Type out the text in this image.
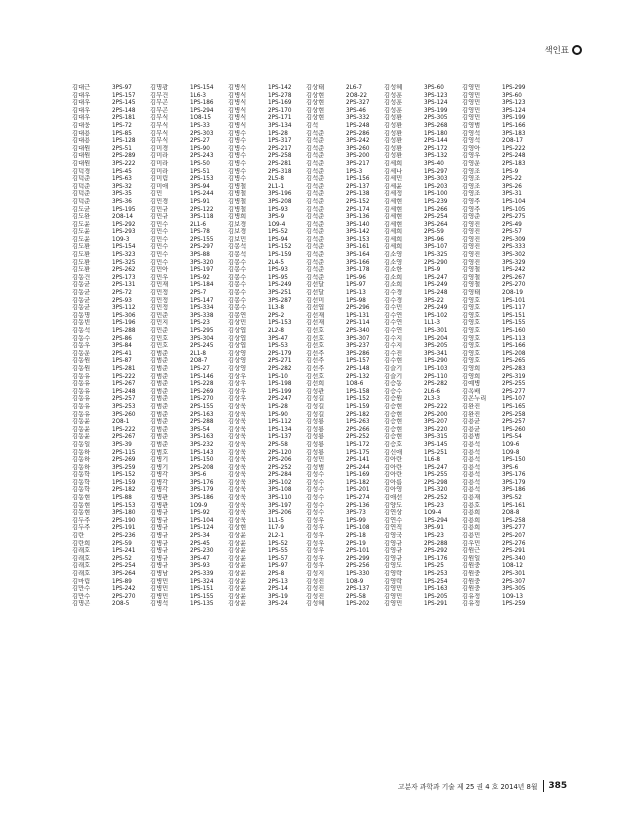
색인표
김대근	3PS-97	김명광	1PS-154	김병식	1PS-142	김상태	2L6-7	김성혜	3PS-60	김영민	1PS-299
김대우	1PS-157	김무건	1L6-3	김병식	1PS-278	김상현	2O8-22	김성훈	3PS-123	김영민	3PS-60
김대우	2PS-145	김무곤	1PS-186	김병식	1PS-169	김상현	2PS-327	김성훈	3PS-124	김영민	3PS-123
김대우	2PS-148	김무곤	1PS-294	김병식	2PS-170	김상현	3PS-46	김성훈	3PS-199	김영민	3PS-124
김대우	2PS-181	김무식	1O8-15	김병식	2PS-171	김상현	3PS-332	김성환	2PS-305	김영민	3PS-199
김대웅	1PS-72	김무식	1PS-33	김병식	3PS-134	김석	1PS-248	김성환	3PS-268	김영범	1PS-166
김대용	1PS-85	김무식	2PS-303	김병수	1PS-28	김석준	2PS-286	김성환	1PS-180	김영석	3PS-183
김대용	1PS-128	김무식	2PS-27	김병수	1PS-317	김석준	3PS-242	김성환	2PS-144	김영석	2O8-17
김대원	2PS-51	김미경	1PS-90	김병수	2PS-217	김석준	3PS-260	김성환	2PS-172	김영아	1PS-222
김대원	2PS-289	김미라	2PS-243	김병수	2PS-258	김석준	3PS-200	김성환	3PS-132	김영우	2PS-248
김대원	3PS-222	김미라	1PS-50	김병수	2PS-281	김석준	3PS-217	김세희	3PS-40	김영운	2PS-183
김덕경	1PS-45	김미라	1PS-51	김병수	2PS-318	김석준	1PS-3	김세나	1PS-297	김영조	1PS-9
김덕준	1PS-63	김미림	2PS-153	김병수	2L5-8	김석준	1PS-156	김세민	3PS-303	김영조	2PS-22
김덕준	3PS-32	김미애	3PS-94	김병철	2L1-1	김석준	2PS-137	김세윤	1PS-203	김영조	3PS-26
김덕준	3PS-35	김민	1PS-244	김병철	3PS-196	김석준	2PS-138	김세정	1PS-100	김영조	3PS-31
김덕준	3PS-36	김민경	1PS-91	김병철	3PS-208	김석준	2PS-152	김세현	1PS-239	김영주	1PS-104
김도균	1PS-195	김민규	2PS-122	김병철	1PS-93	김석준	2PS-174	김세현	1PS-266	김영주	1PS-105
김도완	2O8-14	김민규	3PS-118	김병희	3PS-9	김석준	3PS-136	김세현	2PS-254	김영준	2PS-275
김도윤	1PS-292	김민수	2L1-6	김보경	1O9-4	김석준	3PS-140	김세현	3PS-264	김영진	2PS-49
김도윤	1PS-293	김민수	1PS-78	김보경	1PS-52	김석준	3PS-142	김세희	2PS-59	김영진	2PS-57
김도윤	1O9-3	김민수	2PS-155	김보민	1PS-94	김석준	3PS-153	김세희	3PS-96	김영진	2PS-309
김도환	1PS-154	김민수	2PS-297	김봉석	1PS-152	김석준	3PS-161	김세희	3PS-107	김영진	2PS-333
김도환	1PS-323	김민수	3PS-88	김봉석	1PS-159	김석준	3PS-164	김소영	1PS-325	김영진	3PS-302
김도환	1PS-325	김민수	3PS-320	김봉수	2L4-5	김석준	3PS-166	김소영	2PS-290	김영진	3PS-329
김도환	2PS-262	김민아	1PS-197	김봉수	1PS-93	김석준	3PS-178	김소한	1PS-9	김영철	1PS-242
김동건	2PS-173	김민우	1PS-92	김봉수	1PS-95	김석준	1PS-96	김소희	1PS-247	김영철	2PS-267
김동균	2PS-131	김민재	1PS-184	김봉수	1PS-249	김선달	1PS-97	김소희	1PS-249	김영철	2PS-270
김동균	2PS-72	김민정	2PS-7	김봉수	3PS-251	김선달	1PS-13	김수경	1PS-248	김영태	2O8-19
김동균	2PS-93	김민정	1PS-147	김봉수	3PS-287	김선미	1PS-98	김수경	3PS-22	김영호	1PS-101
김동균	3PS-112	김민정	1PS-334	김봉수	1L3-8	김선엽	2PS-296	김수민	2PS-249	김영호	1PS-117
김동명	1PS-306	김민준	3PS-338	김봉연	2PS-2	김선재	1PS-131	김수연	1PS-102	김영호	1PS-151
김동빈	1PS-196	김민지	1PS-23	김상민	1PS-153	김선재	2PS-114	김수연	1L1-3	김영호	1PS-155
김동석	1PS-288	김민준	1PS-295	김상엽	2L2-8	김선호	2PS-340	김수연	1PS-301	김영호	1PS-160
김동수	2PS-86	김민호	3PS-304	김상엽	3PS-47	김선호	3PS-307	김수지	1PS-204	김영호	1PS-113
김동우	3PS-84	김민호	2PS-245	김상엽	1PS-53	김선호	3PS-237	김수지	3PS-205	김영호	1PS-166
김동운	2PS-41	김범준	2L1-8	김상영	2PS-179	김선주	3PS-286	김수진	3PS-341	김영호	1PS-208
김동원	1PS-87	김범준	2O8-7	김상영	2PS-271	김선주	1PS-157	김수현	1PS-290	김영호	1PS-265
김동원	1PS-281	김범준	1PS-27	김상영	2PS-282	김선주	2PS-148	김슬기	1PS-103	김영희	2PS-283
김동유	1PS-222	김범준	1PS-146	김상우	1PS-10	김선호	2PS-132	김슬기	2PS-110	김영희	2PS-319
김동유	1PS-267	김범준	1PS-228	김상우	1PS-198	김선희	1O8-6	김승동	2PS-282	김예병	2PS-255
김동유	1PS-248	김범준	1PS-269	김상우	1PS-199	김성관	1PS-158	김승수	2L6-6	김옥배	2PS-277
김동유	2PS-257	김범준	1PS-270	김상우	2PS-247	김성길	1PS-152	김승원	2L3-3	김온누리	1PS-107
김동유	3PS-253	김범준	2PS-155	김상욱	1PS-28	김성길	1PS-159	김승현	2PS-222	김완진	1PS-165
김동유	3PS-260	김범준	2PS-163	김상욱	1PS-90	김성길	2PS-182	김승현	2PS-200	김완진	2PS-258
김동윤	2O8-1	김범준	2PS-288	김상욱	1PS-112	김성룡	1PS-263	김승현	3PS-207	김용균	2PS-257
김동윤	1PS-222	김범준	3PS-54	김상욱	1PS-134	김성룡	2PS-266	김승현	3PS-220	김용균	1PS-260
김동윤	2PS-267	김범준	3PS-163	김상욱	1PS-137	김성룡	2PS-252	김승현	3PS-315	김용범	1PS-54
김동일	3PS-39	김범준	3PS-232	김상욱	2PS-58	김성룡	1PS-172	김승호	3PS-145	김용석	1O9-6
김동하	2PS-115	김범호	1PS-143	김상욱	2PS-120	김성룡	1PS-175	김신애	1PS-251	김용석	1O9-8
김동하	2PS-269	김병기	1PS-150	김상욱	2PS-206	김성민	2PS-141	김아란	1L6-8	김용석	1PS-150
김동하	3PS-259	김병기	2PS-208	김상욱	2PS-252	김성범	2PS-244	김아란	1PS-247	김용석	3PS-6
김동학	1PS-152	김병각	3PS-6	김상욱	2PS-284	김성수	1PS-169	김아란	1PS-255	김용석	3PS-176
김동학	1PS-159	김병각	3PS-176	김상욱	3PS-102	김성수	1PS-182	김아름	2PS-298	김용석	3PS-179
김동학	2PS-182	김병각	3PS-179	김상욱	3PS-108	김성수	1PS-201	김아영	1PS-320	김용석	3PS-186
김동현	1PS-88	김병관	3PS-186	김상욱	3PS-110	김성수	1PS-274	김애선	2PS-252	김용재	3PS-52
김동현	1PS-153	김병관	1O9-9	김상욱	3PS-197	김성수	2PS-136	김양도	1PS-23	김용호	1PS-161
김동현	3PS-180	김병규	1PS-92	김상욱	3PS-206	김성수	3PS-73	김연상	1O9-4	김용희	2O8-8
김두주	2PS-190	김병규	1PS-104	김상욱	1L1-5	김성우	1PS-99	김연수	1PS-294	김용희	1PS-258
김두주	2PS-191	김병규	1PS-124	김상현	1L7-9	김성우	1PS-108	김연직	3PS-91	김용희	3PS-277
김란	2PS-236	김병규	2PS-34	김상윤	2L2-1	김성우	2PS-18	김영국	1PS-23	김용민	2PS-207
김란희	2PS-59	김병규	2PS-45	김상윤	1PS-52	김성우	2PS-19	김영규	2PS-288	김우민	2PS-276
김래호	1PS-241	김병규	2PS-230	김상윤	1PS-55	김성우	2PS-101	김영규	2PS-292	김원근	2PS-291
김래호	2PS-52	김병규	3PS-47	김상윤	1PS-57	김성우	2PS-299	김영규	1PS-176	김원일	2PS-340
김래호	2PS-254	김병규	3PS-93	김상윤	1PS-97	김성우	2PS-256	김영도	1PS-25	김원중	1O8-12
김래호	3PS-264	김병남	2PS-339	김상윤	2PS-8	김성지	1PS-330	김영락	1PS-253	김원중	2PS-301
김마림	1PS-89	김병민	1PS-324	김상윤	2PS-13	김성진	1O8-9	김영락	1PS-254	김원중	2PS-307
김만수	1PS-242	김병민	1PS-151	김상윤	2PS-14	김성진	2PS-137	김영민	1PS-163	김원중	3PS-305
김만수	2PS-270	김병민	1PS-155	김상윤	3PS-19	김성진	2PS-58	김영민	1PS-205	김유정	1O9-13
김명곤	2O8-5	김병석	1PS-135	김상윤	3PS-24	김성혜	1PS-202	김영민	1PS-291	김유정	1PS-259
고분자 과학과 기술 제 25 권 4 호 2014년 8월 385
